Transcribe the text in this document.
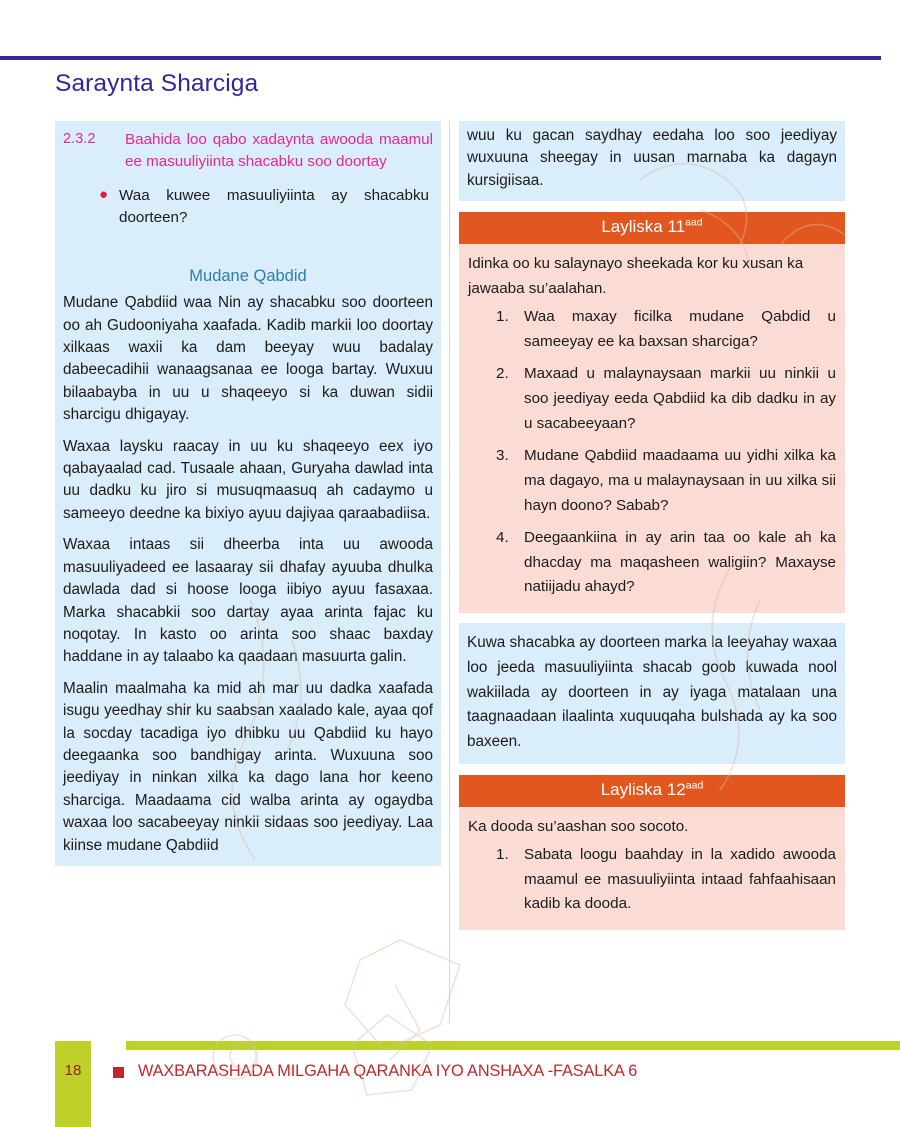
Saraynta Sharciga
2.3.2	Baahida loo qabo xadaynta awooda maamul ee masuuliyiinta shacabku soo doortay
● Waa kuwee masuuliyiinta ay shacabku doorteen?
Mudane Qabdid

Mudane Qabdiid waa Nin ay shacabku soo doorteen oo ah Gudooniyaha xaafada. Kadib markii loo doortay xilkaas waxii ka dam beeyay wuu badalay dabeecadihii wanaagsanaa ee looga bartay. Wuxuu bilaabayba in uu u shaqeeyo si ka duwan sidii sharcigu dhigayay.

Waxaa laysku raacay in uu ku shaqeeyo eex iyo qabayaalad cad. Tusaale ahaan, Guryaha dawlad inta uu dadku ku jiro si musuqmaasuq ah cadaymo u sameeyo deedne ka bixiyo ayuu dajiyaa qaraabadiisa.

Waxaa intaas sii dheerba inta uu awooda masuuliyadeed ee lasaaray sii dhafay ayuuba dhulka dawlada dad si hoose looga iibiyo ayuu fasaxaa. Marka shacabkii soo dartay ayaa arinta fajac ku noqotay. In kasto oo arinta soo shaac baxday haddane in ay talaabo ka qaadaan masuurta galin.

Maalin maalmaha ka mid ah mar uu dadka xaafada isugu yeedhay shir ku saabsan xaalado kale, ayaa qof la socday tacadiga iyo dhibku uu Qabdiid ku hayo deegaanka soo bandhigay arinta. Wuxuuna soo jeediyay in ninkan xilka ka dago lana hor keeno sharciga. Maadaama cid walba arinta ay ogaydba waxaa loo sacabeeyay ninkii sidaas soo jeediyay. Laa kiinse mudane Qabdiid

wuu ku gacan saydhay eedaha loo soo jeediyay wuxuuna sheegay in uusan marnaba ka dagayn kursigiisaa.

Layliska $11^{aad}$

Idinka oo ku salaynayo sheekada kor ku xusan ka jawaaba su’aalahan.

Waa maxay ficilka mudane Qabdid u sameeyay ee ka baxsan sharciga?
Maxaad u malaynaysaan markii uu ninkii u soo jeediyay eeda Qabdiid ka dib dadku in ay u sacabeeyaan?
Mudane Qabdiid maadaama uu yidhi xilka ka ma dagayo, ma u malaynaysaan in uu xilka sii hayn doono? Sabab?
Deegaankiina in ay arin taa oo kale ah ka dhacday ma maqasheen waligiin? Maxayse natiijadu ahayd?

Kuwa shacabka ay doorteen marka la leeyahay waxaa loo jeeda masuuliyiinta shacab goob kuwada nool wakiilada ay doorteen in ay iyaga matalaan una taagnaadaan ilaalinta xuquuqaha bulshada ay ka soo baxeen.

Layliska $12^{aad}$

Ka dooda su’aashan soo socoto.

Sabata loogu baahday in la xadido awooda maamul ee masuuliyiinta intaad fahfaahisaan kadib ka dooda.
18	WAXBARASHADA MILGAHA QARANKA IYO ANSHAXA -FASALKA 6
